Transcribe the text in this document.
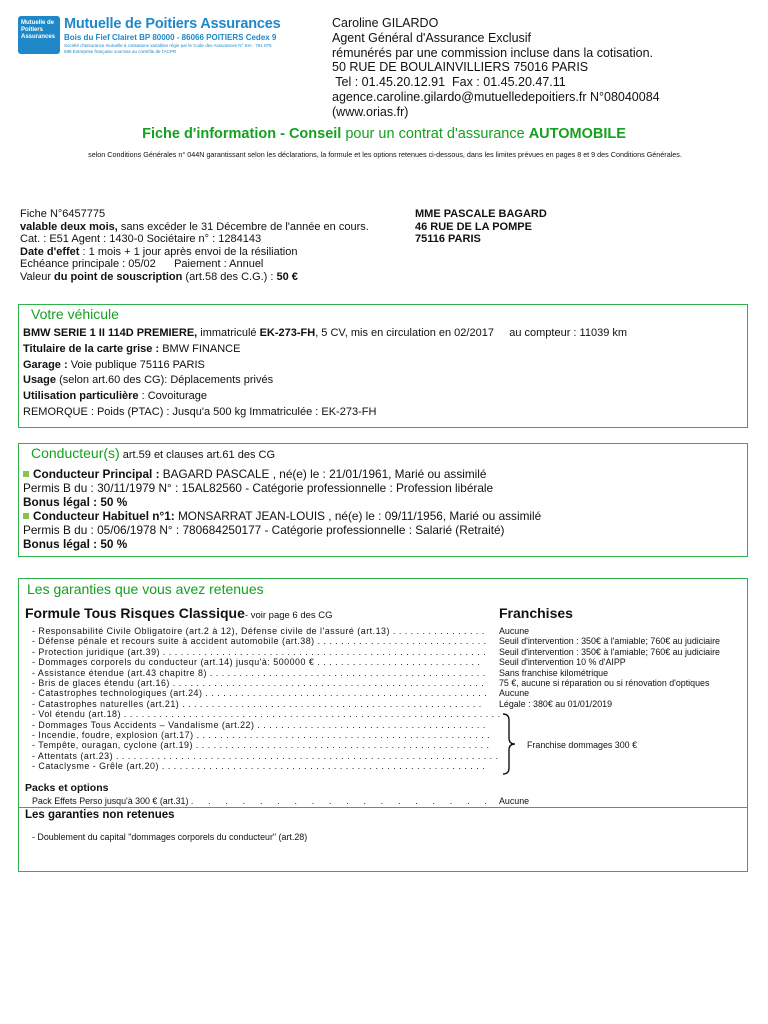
Mutuelle de Poitiers Assurances
Mutuelle de Poitiers Assurances
Bois du Fief Clairet BP 80000 - 86066 POITIERS Cedex 9
Société d'assurance mutuelle à cotisations variables régie par le Code des Assurances N° SIA : 781 075 598 Entreprise française soumise au contrôle de l'ACPR
Caroline GILARDO
Agent Général d'Assurance Exclusif
rémunérés par une commission incluse dans la cotisation.
50 RUE DE BOULAINVILLIERS 75016 PARIS
Tel : 01.45.20.12.91  Fax : 01.45.20.47.11
agence.caroline.gilardo@mutuelledepoitiers.fr N°08040084
(www.orias.fr)
Fiche d'information - Conseil pour un contrat d'assurance AUTOMOBILE
selon Conditions Générales n° 044N garantissant selon les déclarations, la formule et les options retenues ci-dessous, dans les limites prévues en pages 8 et 9 des Conditions Générales.
Fiche N°6457775
valable deux mois, sans excéder le 31 Décembre de l'année en cours.
Cat. : E51 Agent : 1430-0 Sociétaire n° : 1284143
Date d'effet : 1 mois + 1 jour après envoi de la résiliation
Echéance principale : 05/02      Paiement : Annuel
Valeur du point de souscription (art.58 des C.G.) : 50 €
MME PASCALE BAGARD
46 RUE DE LA POMPE
75116 PARIS
Votre véhicule
BMW SERIE 1 II 114D PREMIERE, immatriculé EK-273-FH, 5 CV, mis en circulation en 02/2017     au compteur : 11039 km
Titulaire de la carte grise : BMW FINANCE
Garage : Voie publique 75116 PARIS
Usage (selon art.60 des CG): Déplacements privés
Utilisation particulière : Covoiturage
REMORQUE : Poids (PTAC) : Jusqu'a 500 kg Immatriculée : EK-273-FH
Conducteur(s) art.59 et clauses art.61 des CG
Conducteur Principal : BAGARD PASCALE , né(e) le : 21/01/1961, Marié ou assimilé
Permis B du : 30/11/1979 N° : 15AL82560 - Catégorie professionnelle : Profession libérale
Bonus légal : 50 %
Conducteur Habituel n°1: MONSARRAT JEAN-LOUIS , né(e) le : 09/11/1956, Marié ou assimilé
Permis B du : 05/06/1978 N° : 780684250177 - Catégorie professionnelle : Salarié (Retraité)
Bonus légal : 50 %
Les garanties que vous avez retenues
Formule Tous Risques Classique- voir page 6 des CG	Franchises
- Responsabilité Civile Obligatoire (art.2 à 12), Défense civile de l'assuré (art.13) . . . . . . . . . . . . . . . .
- Défense pénale et recours suite à accident automobile (art.38) . . . . . . . . . . . . . . . . . . . . . . . . . . . . .
- Protection juridique (art.39) . . . . . . . . . . . . . . . . . . . . . . . . . . . . . . . . . . . . . . . . . . . . . . . . . . . . . . .
- Dommages corporels du conducteur (art.14) jusqu'à: 500000 € . . . . . . . . . . . . . . . . . . . . . . . . . . . .
- Assistance étendue (art.43 chapitre 8) . . . . . . . . . . . . . . . . . . . . . . . . . . . . . . . . . . . . . . . . . . . . . . .
- Bris de glaces étendu (art.16) . . . . . . . . . . . . . . . . . . . . . . . . . . . . . . . . . . . . . . . . . . . . . . . . . . . . .
- Catastrophes technologiques (art.24) . . . . . . . . . . . . . . . . . . . . . . . . . . . . . . . . . . . . . . . . . . . . . . . .
- Catastrophes naturelles (art.21) . . . . . . . . . . . . . . . . . . . . . . . . . . . . . . . . . . . . . . . . . . . . . . . . . . .
- Vol étendu (art.18) . . . . . . . . . . . . . . . . . . . . . . . . . . . . . . . . . . . . . . . . . . . . . . . . . . . . . . . . . . . . . . . .
- Dommages Tous Accidents – Vandalisme (art.22) . . . . . . . . . . . . . . . . . . . . . . . . . . . . . . . . . . . . . . .
- Incendie, foudre, explosion (art.17) . . . . . . . . . . . . . . . . . . . . . . . . . . . . . . . . . . . . . . . . . . . . . . . . . .
- Tempête, ouragan, cyclone (art.19) . . . . . . . . . . . . . . . . . . . . . . . . . . . . . . . . . . . . . . . . . . . . . . . . . .
- Attentats (art.23) . . . . . . . . . . . . . . . . . . . . . . . . . . . . . . . . . . . . . . . . . . . . . . . . . . . . . . . . . . . . . . . . .
- Cataclysme - Grêle (art.20) . . . . . . . . . . . . . . . . . . . . . . . . . . . . . . . . . . . . . . . . . . . . . . . . . . . . . . .
Aucune
Seuil d'intervention : 350€ à l'amiable; 760€ au judiciaire
Seuil d'intervention : 350€ à l'amiable; 760€ au judiciaire
Seuil d'intervention 10 % d'AIPP
Sans franchise kilométrique
75 €, aucune si réparation ou si rénovation d'optiques
Aucune
Légale : 380€ au 01/01/2019
Franchise dommages 300 €
Packs et options
Pack Effets Perso jusqu'à 300 € (art.31) .      .      .      .      .      .      .      .      .      .      .      .      .      .      .      .      .      .	Aucune
Les garanties non retenues
- Doublement du capital "dommages corporels du conducteur" (art.28)
